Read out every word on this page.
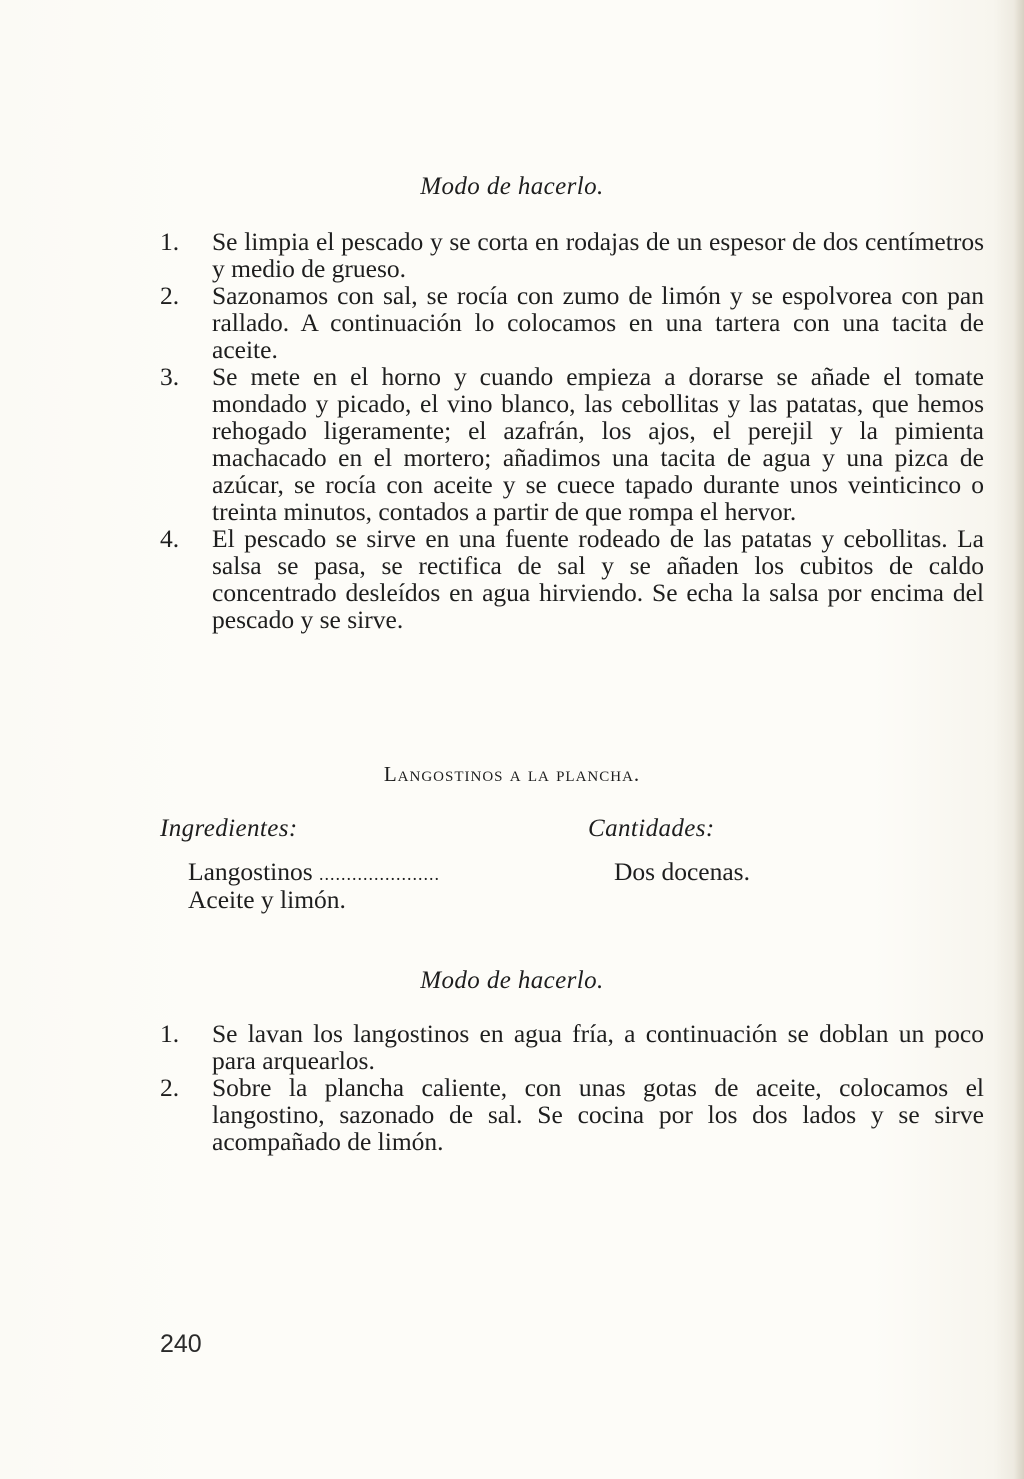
Modo de hacerlo.
1.	Se limpia el pescado y se corta en rodajas de un espesor de dos centímetros y medio de grueso.
2.	Sazonamos con sal, se rocía con zumo de limón y se espolvorea con pan rallado. A continuación lo colocamos en una tartera con una tacita de aceite.
3.	Se mete en el horno y cuando empieza a dorarse se añade el tomate mondado y picado, el vino blanco, las cebollitas y las patatas, que hemos rehogado ligeramente; el azafrán, los ajos, el perejil y la pimienta machacado en el mortero; añadimos una tacita de agua y una pizca de azúcar, se rocía con aceite y se cuece tapado durante unos veinticinco o treinta minutos, contados a partir de que rompa el hervor.
4.	El pescado se sirve en una fuente rodeado de las patatas y cebollitas. La salsa se pasa, se rectifica de sal y se añaden los cubitos de caldo concentrado desleídos en agua hirviendo. Se echa la salsa por encima del pescado y se sirve.
Langostinos a la plancha.
Ingredientes:	Cantidades:
Langostinos ......................	Dos docenas.
Aceite y limón.
Modo de hacerlo.
1.	Se lavan los langostinos en agua fría, a continuación se doblan un poco para arquearlos.
2.	Sobre la plancha caliente, con unas gotas de aceite, colocamos el langostino, sazonado de sal. Se cocina por los dos lados y se sirve acompañado de limón.
240
